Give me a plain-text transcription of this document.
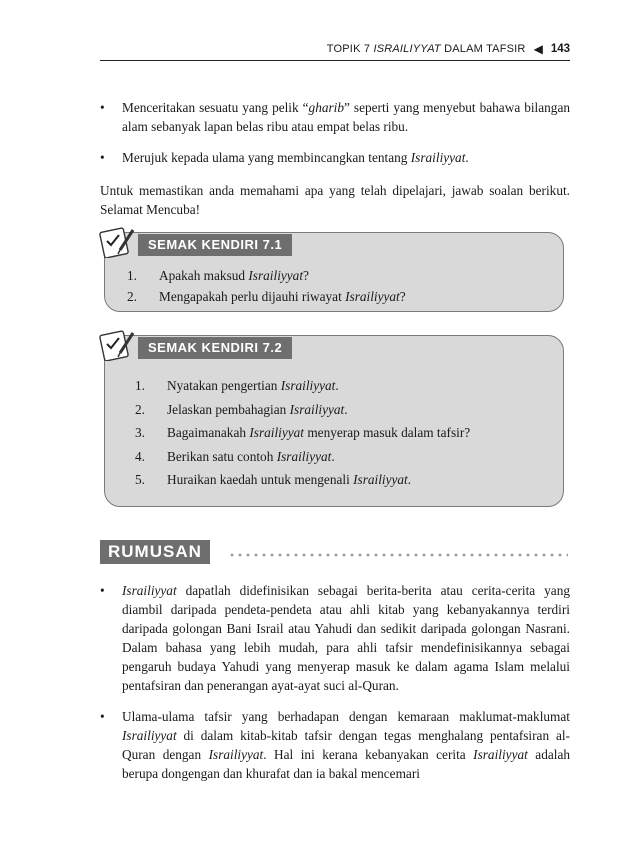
TOPIK 7 ISRAILIYYAT DALAM TAFSIR ◀ 143
• Menceritakan sesuatu yang pelik “gharib” seperti yang menyebut bahawa bilangan alam sebanyak lapan belas ribu atau empat belas ribu.
• Merujuk kepada ulama yang membincangkan tentang Israiliyyat.
Untuk memastikan anda memahami apa yang telah dipelajari, jawab soalan berikut. Selamat Mencuba!
1.	Apakah maksud Israiliyyat?
2.	Mengapakah perlu dijauhi riwayat Israiliyyat?
SEMAK KENDIRI 7.1
1.	Nyatakan pengertian Israiliyyat.
2.	Jelaskan pembahagian Israiliyyat.
3.	Bagaimanakah Israiliyyat menyerap masuk dalam tafsir?
4.	Berikan satu contoh Israiliyyat.
5.	Huraikan kaedah untuk mengenali Israiliyyat.
SEMAK KENDIRI 7.2
RUMUSAN
• Israiliyyat dapatlah didefinisikan sebagai berita-berita atau cerita-cerita yang diambil daripada pendeta-pendeta atau ahli kitab yang kebanyakannya terdiri daripada golongan Bani Israil atau Yahudi dan sedikit daripada golongan Nasrani. Dalam bahasa yang lebih mudah, para ahli tafsir mendefinisikannya sebagai pengaruh budaya Yahudi yang menyerap masuk ke dalam agama Islam melalui pentafsiran dan penerangan ayat-ayat suci al-Quran.
• Ulama-ulama tafsir yang berhadapan dengan kemaraan maklumat-maklumat Israiliyyat di dalam kitab-kitab tafsir dengan tegas menghalang pentafsiran al-Quran dengan Israiliyyat. Hal ini kerana kebanyakan cerita Israiliyyat adalah berupa dongengan dan khurafat dan ia bakal mencemari
